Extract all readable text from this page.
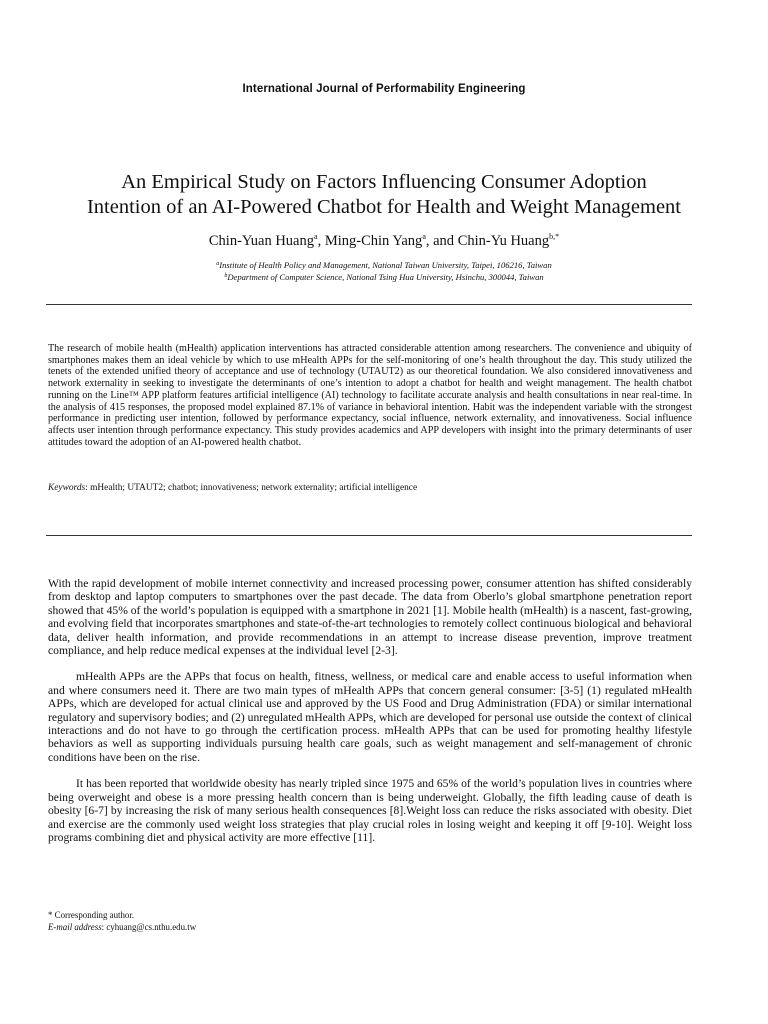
International Journal of Performability Engineering
An Empirical Study on Factors Influencing Consumer Adoption
Intention of an AI-Powered Chatbot for Health and Weight Management
Chin-Yuan Huang$^a$, Ming-Chin Yang$^a$, and Chin-Yu Huang$^{b,*}$
$^a$Institute of Health Policy and Management, National Taiwan University, Taipei, 106216, Taiwan
$^b$Department of Computer Science, National Tsing Hua University, Hsinchu, 300044, Taiwan

The research of mobile health (mHealth) application interventions has attracted considerable attention among researchers. The convenience and ubiquity of smartphones makes them an ideal vehicle by which to use mHealth APPs for the self-monitoring of one’s health throughout the day. This study utilized the tenets of the extended unified theory of acceptance and use of technology (UTAUT2) as our theoretical foundation. We also considered innovativeness and network externality in seeking to investigate the determinants of one’s intention to adopt a chatbot for health and weight management. The health chatbot running on the Line™ APP platform features artificial intelligence (AI) technology to facilitate accurate analysis and health consultations in near real-time. In the analysis of 415 responses, the proposed model explained 87.1% of variance in behavioral intention. Habit was the independent variable with the strongest performance in predicting user intention, followed by performance expectancy, social influence, network externality, and innovativeness. Social influence affects user intention through performance expectancy. This study provides academics and APP developers with insight into the primary determinants of user attitudes toward the adoption of an AI-powered health chatbot.

Keywords: mHealth; UTAUT2; chatbot; innovativeness; network externality; artificial intelligence

With the rapid development of mobile internet connectivity and increased processing power, consumer attention has shifted considerably from desktop and laptop computers to smartphones over the past decade. The data from Oberlo’s global smartphone penetration report showed that 45% of the world’s population is equipped with a smartphone in 2021 [1]. Mobile health (mHealth) is a nascent, fast-growing, and evolving field that incorporates smartphones and state-of-the-art technologies to remotely collect continuous biological and behavioral data, deliver health information, and provide recommendations in an attempt to increase disease prevention, improve treatment compliance, and help reduce medical expenses at the individual level [2-3].

mHealth APPs are the APPs that focus on health, fitness, wellness, or medical care and enable access to useful information when and where consumers need it. There are two main types of mHealth APPs that concern general consumer: [3-5] (1) regulated mHealth APPs, which are developed for actual clinical use and approved by the US Food and Drug Administration (FDA) or similar international regulatory and supervisory bodies; and (2) unregulated mHealth APPs, which are developed for personal use outside the context of clinical interactions and do not have to go through the certification process. mHealth APPs that can be used for promoting healthy lifestyle behaviors as well as supporting individuals pursuing health care goals, such as weight management and self-management of chronic conditions have been on the rise.

It has been reported that worldwide obesity has nearly tripled since 1975 and 65% of the world’s population lives in countries where being overweight and obese is a more pressing health concern than is being underweight. Globally, the fifth leading cause of death is obesity [6-7] by increasing the risk of many serious health consequences [8].Weight loss can reduce the risks associated with obesity. Diet and exercise are the commonly used weight loss strategies that play crucial roles in losing weight and keeping it off [9-10]. Weight loss programs combining diet and physical activity are more effective [11].

* Corresponding author.
E-mail address: cyhuang@cs.nthu.edu.tw
